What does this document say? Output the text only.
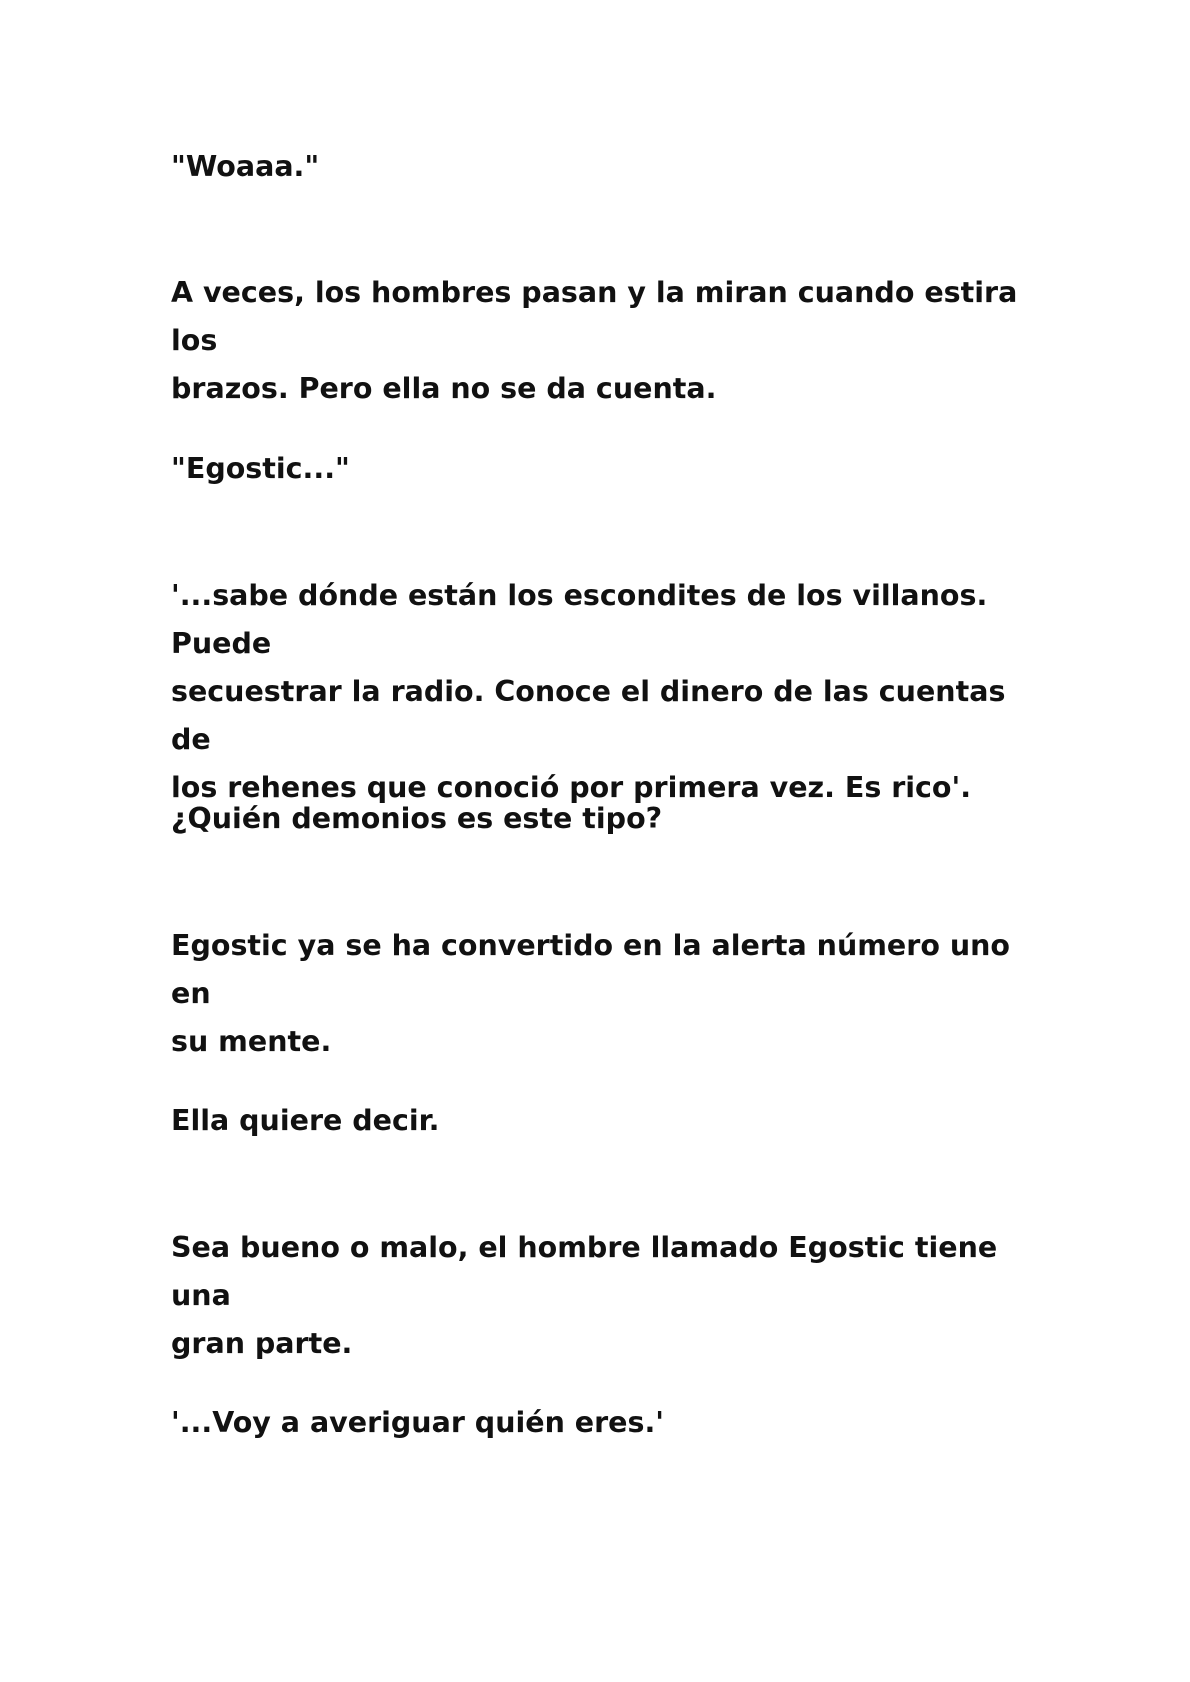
"Woaaa."

A veces, los hombres pasan y la miran cuando estira los
brazos. Pero ella no se da cuenta.

"Egostic..."

'...sabe dónde están los escondites de los villanos. Puede
secuestrar la radio. Conoce el dinero de las cuentas de
los rehenes que conoció por primera vez. Es rico'.

¿Quién demonios es este tipo?

Egostic ya se ha convertido en la alerta número uno en
su mente.

Ella quiere decir.

Sea bueno o malo, el hombre llamado Egostic tiene una
gran parte.

'...Voy a averiguar quién eres.'
